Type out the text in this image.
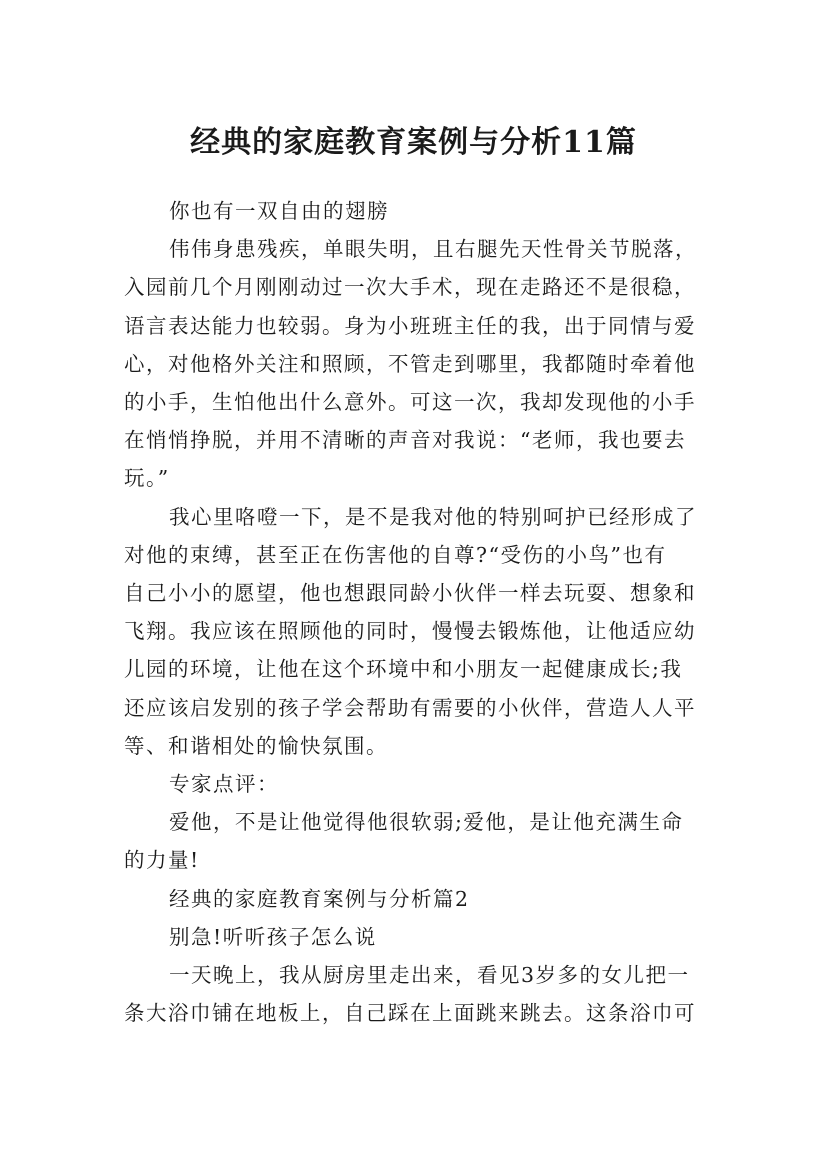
经典的家庭教育案例与分析11篇

你也有一双自由的翅膀

伟伟身患残疾，单眼失明，且右腿先天性骨关节脱落，
入园前几个月刚刚动过一次大手术，现在走路还不是很稳，
语言表达能力也较弱。身为小班班主任的我，出于同情与爱
心，对他格外关注和照顾，不管走到哪里，我都随时牵着他
的小手，生怕他出什么意外。可这一次，我却发现他的小手
在悄悄挣脱，并用不清晰的声音对我说：“老师，我也要去
玩。”

我心里咯噔一下，是不是我对他的特别呵护已经形成了
对他的束缚，甚至正在伤害他的自尊?“受伤的小鸟”也有
自己小小的愿望，他也想跟同龄小伙伴一样去玩耍、想象和
飞翔。我应该在照顾他的同时，慢慢去锻炼他，让他适应幼
儿园的环境，让他在这个环境中和小朋友一起健康成长;我
还应该启发别的孩子学会帮助有需要的小伙伴，营造人人平
等、和谐相处的愉快氛围。

专家点评：

爱他，不是让他觉得他很软弱;爱他，是让他充满生命
的力量!

经典的家庭教育案例与分析篇2

别急!听听孩子怎么说

一天晚上，我从厨房里走出来，看见3岁多的女儿把一
条大浴巾铺在地板上，自己踩在上面跳来跳去。这条浴巾可
